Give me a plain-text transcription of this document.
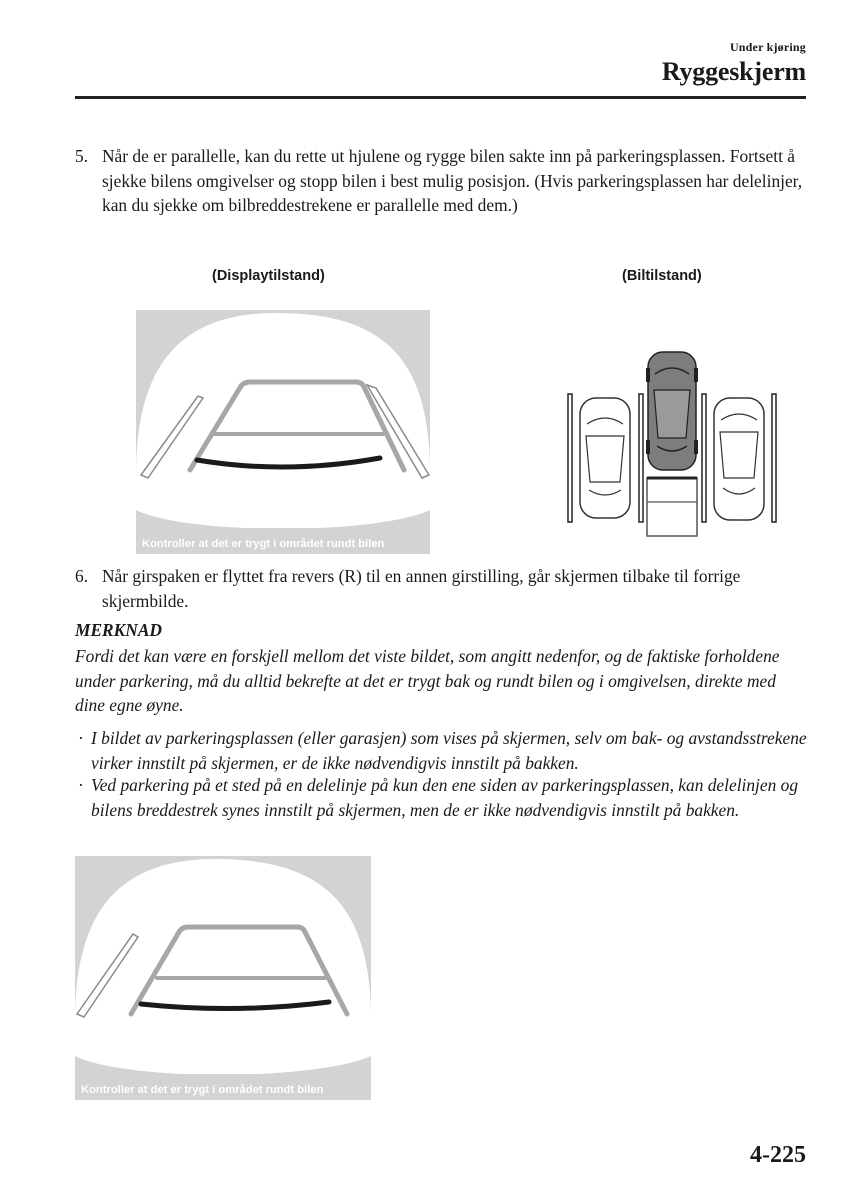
Under kjøring
Ryggeskjerm
5. Når de er parallelle, kan du rette ut hjulene og rygge bilen sakte inn på parkeringsplassen. Fortsett å sjekke bilens omgivelser og stopp bilen i best mulig posisjon. (Hvis parkeringsplassen har delelinjer, kan du sjekke om bilbreddestrekene er parallelle med dem.)
(Displaytilstand)	(Biltilstand)
Kontroller at det er trygt i området rundt bilen
6. Når girspaken er flyttet fra revers (R) til en annen girstilling, går skjermen tilbake til forrige skjermbilde.
MERKNAD
Fordi det kan være en forskjell mellom det viste bildet, som angitt nedenfor, og de faktiske forholdene under parkering, må du alltid bekrefte at det er trygt bak og rundt bilen og i omgivelsen, direkte med dine egne øyne.
· I bildet av parkeringsplassen (eller garasjen) som vises på skjermen, selv om bak- og avstandsstrekene virker innstilt på skjermen, er de ikke nødvendigvis innstilt på bakken.
· Ved parkering på et sted på en delelinje på kun den ene siden av parkeringsplassen, kan delelinjen og bilens breddestrek synes innstilt på skjermen, men de er ikke nødvendigvis innstilt på bakken.
Kontroller at det er trygt i området rundt bilen
4-225
